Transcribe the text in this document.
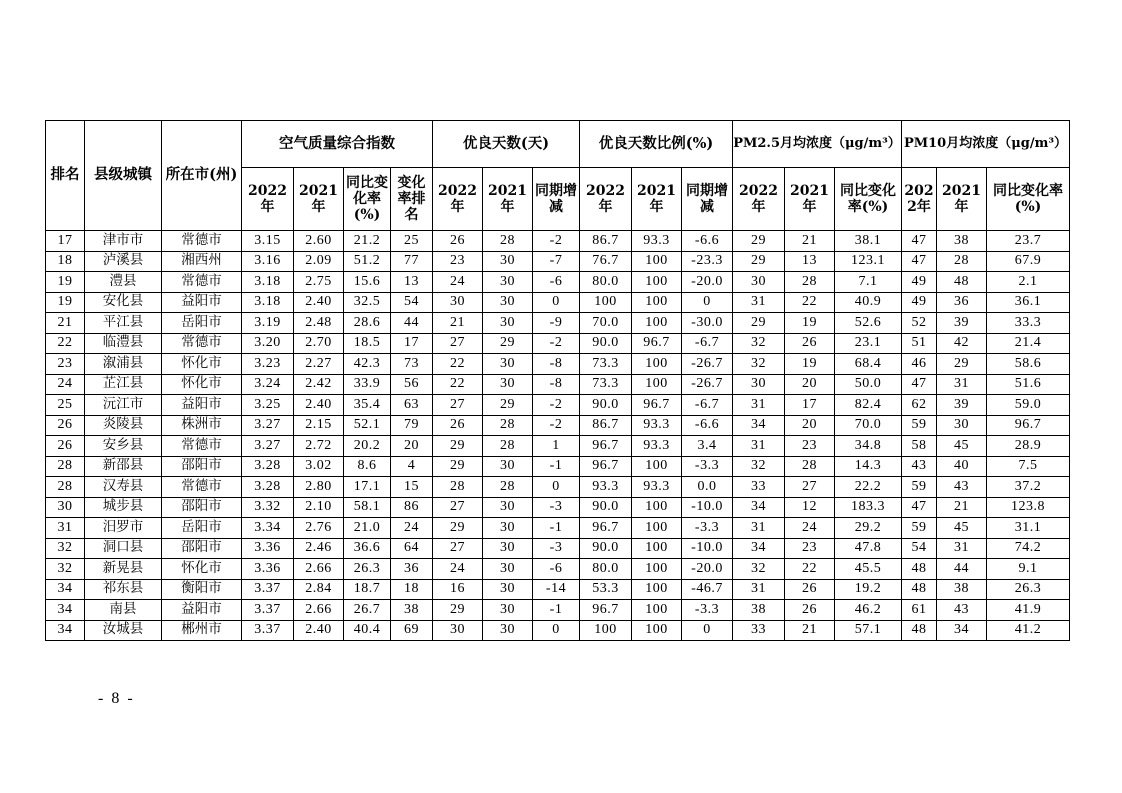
排名	县级城镇	所在市(州)	空气质量综合指数				优良天数(天)			优良天数比例(%)			PM2.5月均浓度（μg/m³）			PM10月均浓度（μg/m³）		
			2022年	2021年	同比变化率(%)	变化率排名	2022年	2021年	同期增减	2022年	2021年	同期增减	2022年	2021年	同比变化率(%)	2022年	2021年	同比变化率(%)
17	津市市	常德市	3.15	2.60	21.2	25	26	28	-2	86.7	93.3	-6.6	29	21	38.1	47	38	23.7
18	泸溪县	湘西州	3.16	2.09	51.2	77	23	30	-7	76.7	100	-23.3	29	13	123.1	47	28	67.9
19	澧县	常德市	3.18	2.75	15.6	13	24	30	-6	80.0	100	-20.0	30	28	7.1	49	48	2.1
19	安化县	益阳市	3.18	2.40	32.5	54	30	30	0	100	100	0	31	22	40.9	49	36	36.1
21	平江县	岳阳市	3.19	2.48	28.6	44	21	30	-9	70.0	100	-30.0	29	19	52.6	52	39	33.3
22	临澧县	常德市	3.20	2.70	18.5	17	27	29	-2	90.0	96.7	-6.7	32	26	23.1	51	42	21.4
23	溆浦县	怀化市	3.23	2.27	42.3	73	22	30	-8	73.3	100	-26.7	32	19	68.4	46	29	58.6
24	芷江县	怀化市	3.24	2.42	33.9	56	22	30	-8	73.3	100	-26.7	30	20	50.0	47	31	51.6
25	沅江市	益阳市	3.25	2.40	35.4	63	27	29	-2	90.0	96.7	-6.7	31	17	82.4	62	39	59.0
26	炎陵县	株洲市	3.27	2.15	52.1	79	26	28	-2	86.7	93.3	-6.6	34	20	70.0	59	30	96.7
26	安乡县	常德市	3.27	2.72	20.2	20	29	28	1	96.7	93.3	3.4	31	23	34.8	58	45	28.9
28	新邵县	邵阳市	3.28	3.02	8.6	4	29	30	-1	96.7	100	-3.3	32	28	14.3	43	40	7.5
28	汉寿县	常德市	3.28	2.80	17.1	15	28	28	0	93.3	93.3	0.0	33	27	22.2	59	43	37.2
30	城步县	邵阳市	3.32	2.10	58.1	86	27	30	-3	90.0	100	-10.0	34	12	183.3	47	21	123.8
31	汨罗市	岳阳市	3.34	2.76	21.0	24	29	30	-1	96.7	100	-3.3	31	24	29.2	59	45	31.1
32	洞口县	邵阳市	3.36	2.46	36.6	64	27	30	-3	90.0	100	-10.0	34	23	47.8	54	31	74.2
32	新晃县	怀化市	3.36	2.66	26.3	36	24	30	-6	80.0	100	-20.0	32	22	45.5	48	44	9.1
34	祁东县	衡阳市	3.37	2.84	18.7	18	16	30	-14	53.3	100	-46.7	31	26	19.2	48	38	26.3
34	南县	益阳市	3.37	2.66	26.7	38	29	30	-1	96.7	100	-3.3	38	26	46.2	61	43	41.9
34	汝城县	郴州市	3.37	2.40	40.4	69	30	30	0	100	100	0	33	21	57.1	48	34	41.2
- 8 -
